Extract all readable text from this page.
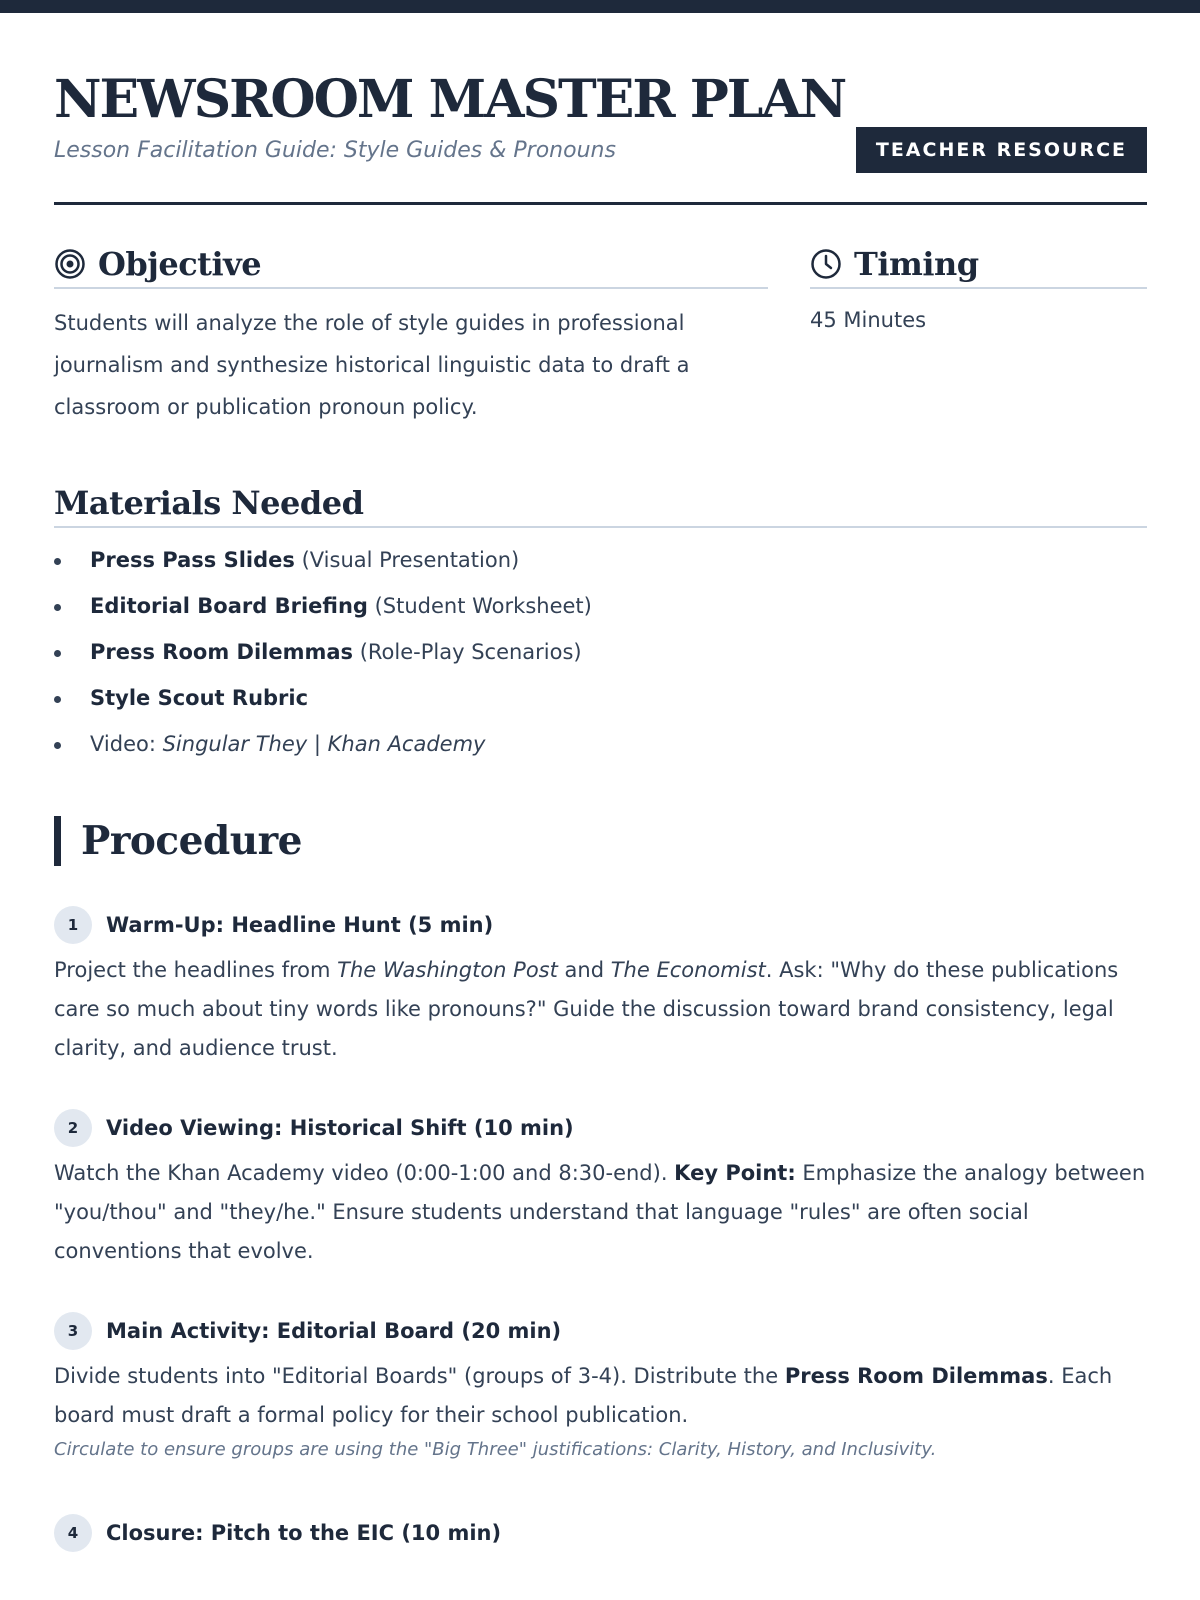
NEWSROOM MASTER PLAN

Lesson Facilitation Guide: Style Guides & Pronouns	TEACHER RESOURCE
Objective	Timing

Students will analyze the role of style guides in professional journalism and synthesize historical linguistic data to draft a classroom or publication pronoun policy.

45 Minutes

Materials Needed
Press Pass Slides (Visual Presentation)
Editorial Board Briefing (Student Worksheet)
Press Room Dilemmas (Role-Play Scenarios)
Style Scout Rubric
Video: Singular They | Khan Academy
Procedure
1	Warm-Up: Headline Hunt (5 min)

Project the headlines from The Washington Post and The Economist. Ask: "Why do these publications care so much about tiny words like pronouns?" Guide the discussion toward brand consistency, legal clarity, and audience trust.

2	Video Viewing: Historical Shift (10 min)

Watch the Khan Academy video (0:00-1:00 and 8:30-end). Key Point: Emphasize the analogy between "you/thou" and "they/he." Ensure students understand that language "rules" are often social conventions that evolve.

3	Main Activity: Editorial Board (20 min)

Divide students into "Editorial Boards" (groups of 3-4). Distribute the Press Room Dilemmas. Each board must draft a formal policy for their school publication.

Circulate to ensure groups are using the "Big Three" justifications: Clarity, History, and Inclusivity.

4	Closure: Pitch to the EIC (10 min)
